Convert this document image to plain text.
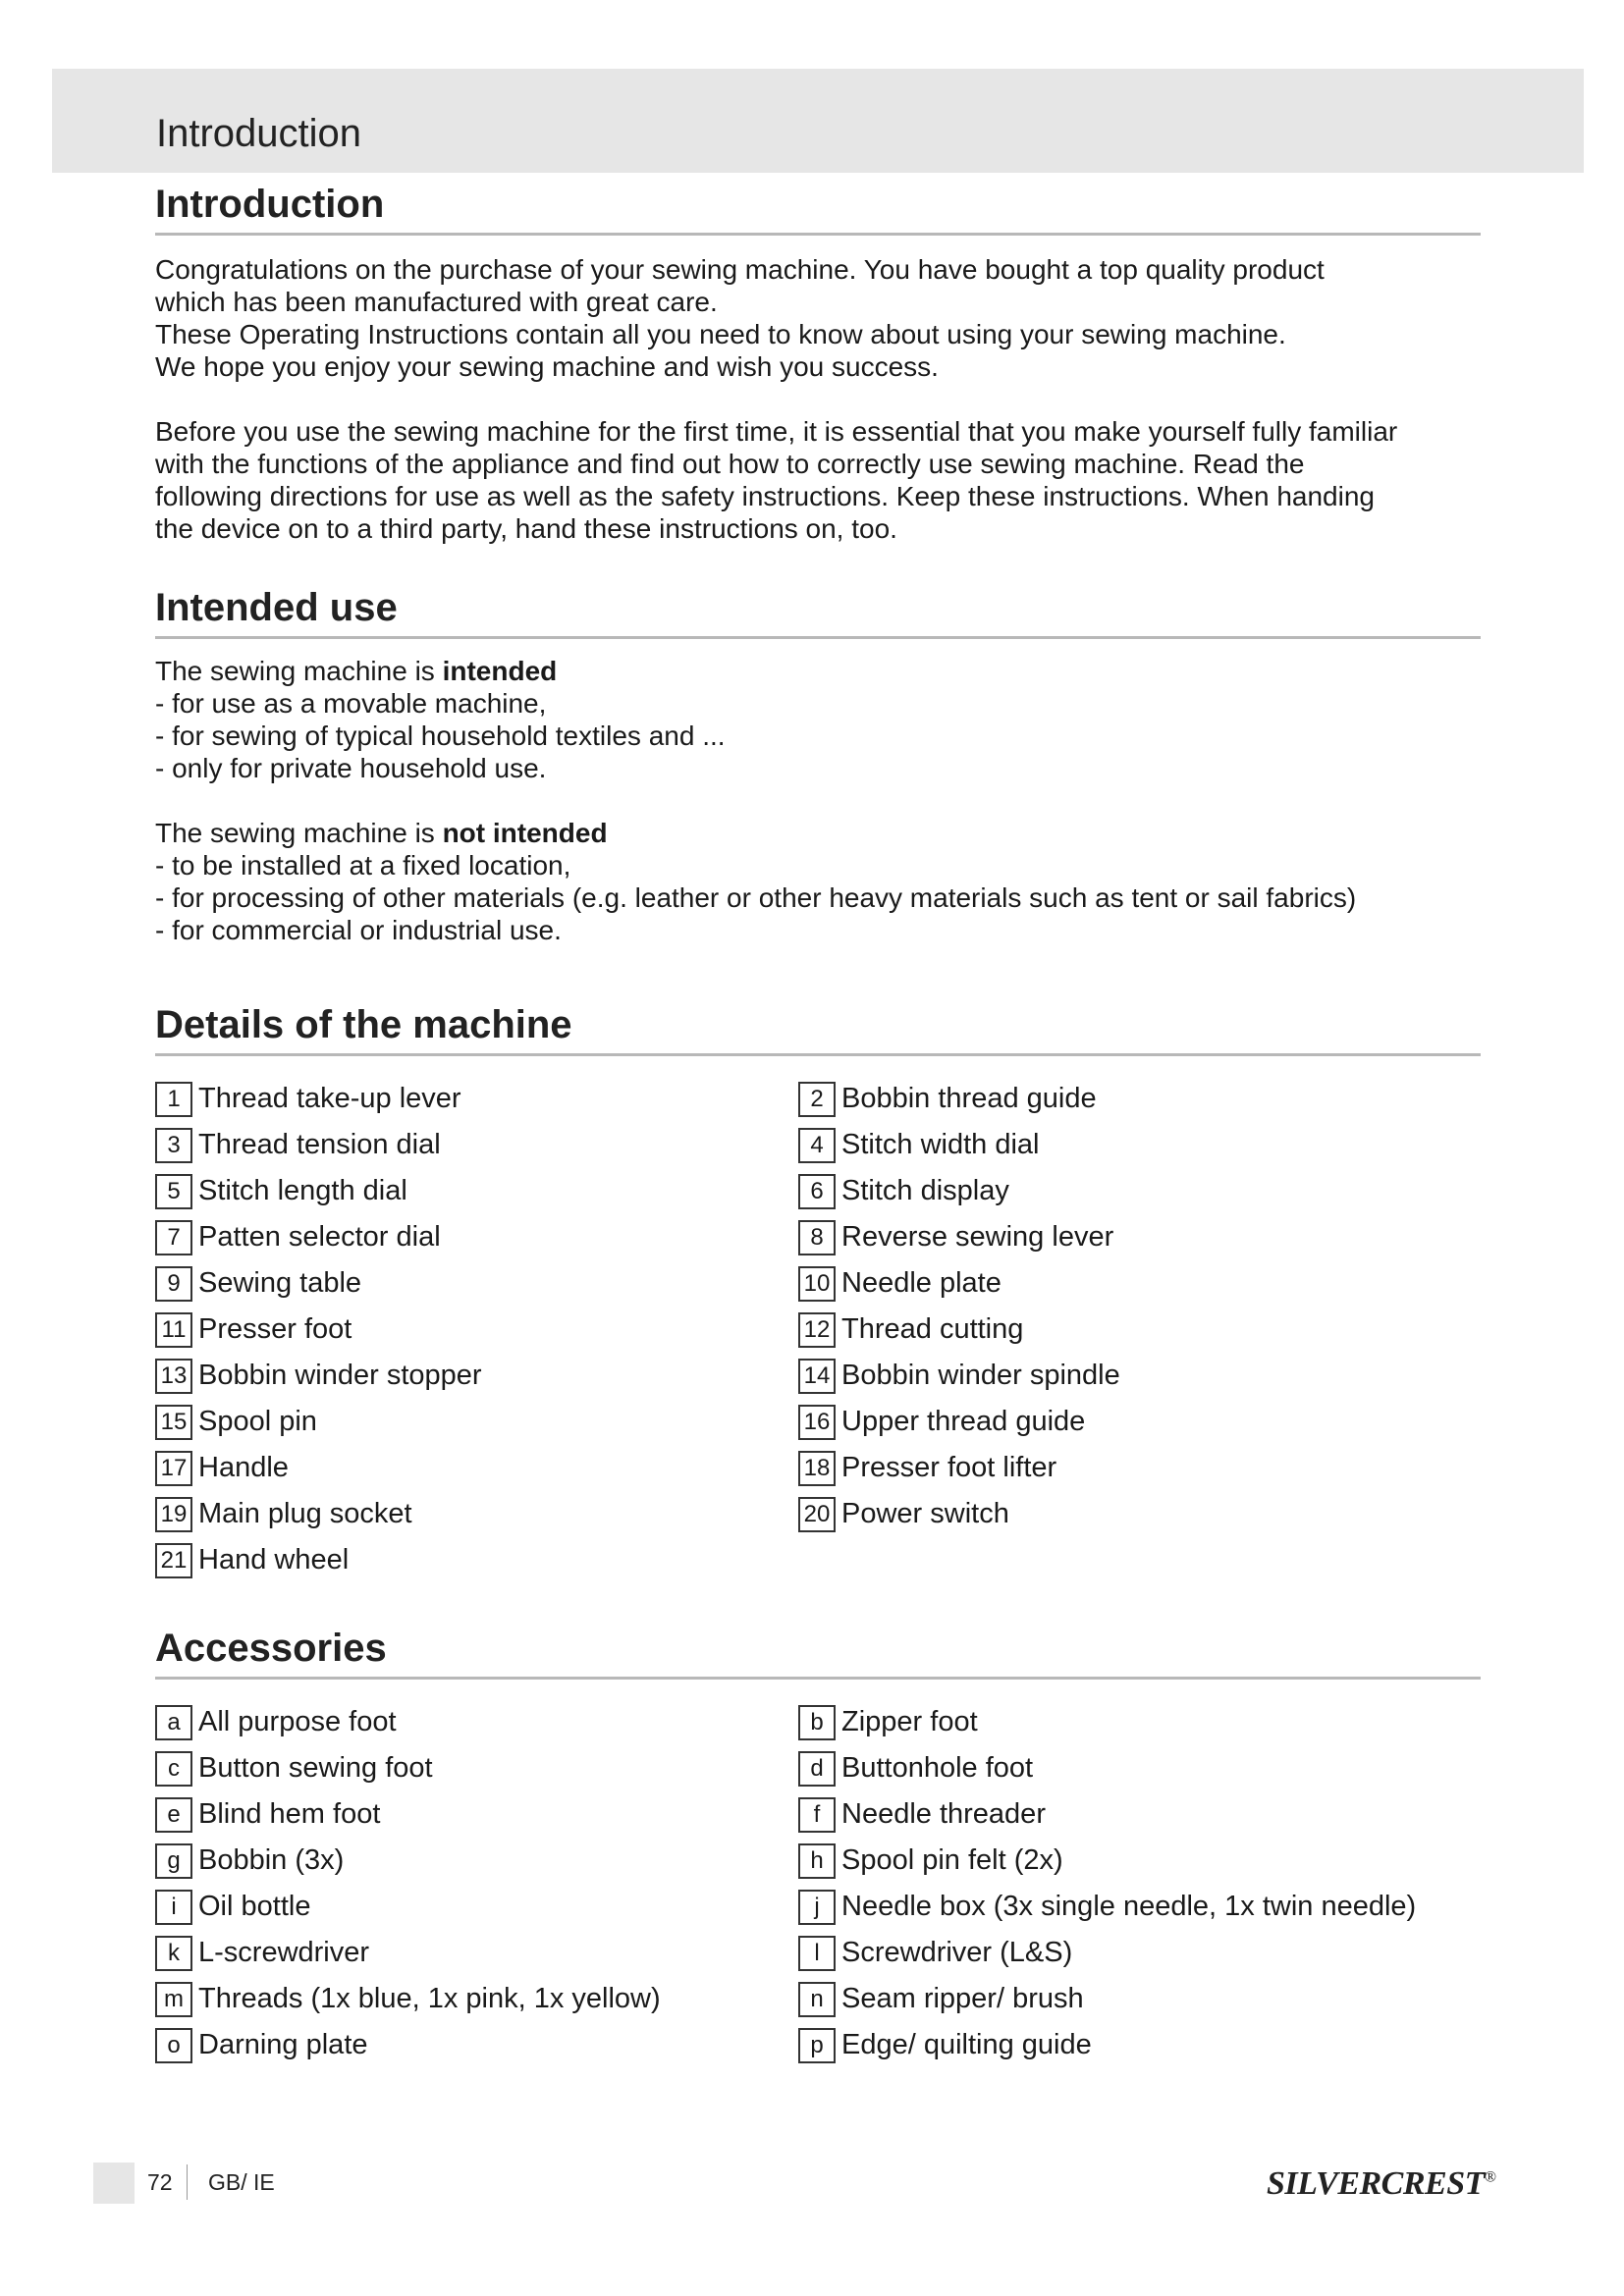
Introduction
Introduction

Congratulations on the purchase of your sewing machine. You have bought a top quality product

which has been manufactured with great care.

These Operating Instructions contain all you need to know about using your sewing machine.

We hope you enjoy your sewing machine and wish you success.

Before you use the sewing machine for the first time, it is essential that you make yourself fully familiar

with the functions of the appliance and find out how to correctly use sewing machine. Read the

following directions for use as well as the safety instructions. Keep these instructions. When handing

the device on to a third party, hand these instructions on, too.

Intended use

The sewing machine is intended

- for use as a movable machine,

- for sewing of typical household textiles and ...

- only for private household use.

The sewing machine is not intended

- to be installed at a fixed location,

- for processing of other materials (e.g. leather or other heavy materials such as tent or sail fabrics)

- for commercial or industrial use.

Details of the machine
1 Thread take-up lever	2 Bobbin thread guide
3 Thread tension dial	4 Stitch width dial
5 Stitch length dial	6 Stitch display
7 Patten selector dial	8 Reverse sewing lever
9 Sewing table	10 Needle plate
11 Presser foot	12 Thread cutting
13 Bobbin winder stopper	14 Bobbin winder spindle
15 Spool pin	16 Upper thread guide
17 Handle	18 Presser foot lifter
19 Main plug socket	20 Power switch
21 Hand wheel
Accessories
a All purpose foot	b Zipper foot
c Button sewing foot	d Buttonhole foot
e Blind hem foot	f Needle threader
g Bobbin (3x)	h Spool pin felt (2x)
i Oil bottle	j Needle box (3x single needle, 1x twin needle)
k L-screwdriver	l Screwdriver (L&S)
m Threads (1x blue, 1x pink, 1x yellow)	n Seam ripper/ brush
o Darning plate	p Edge/ quilting guide
72 GB/ IE	SILVERCREST®
